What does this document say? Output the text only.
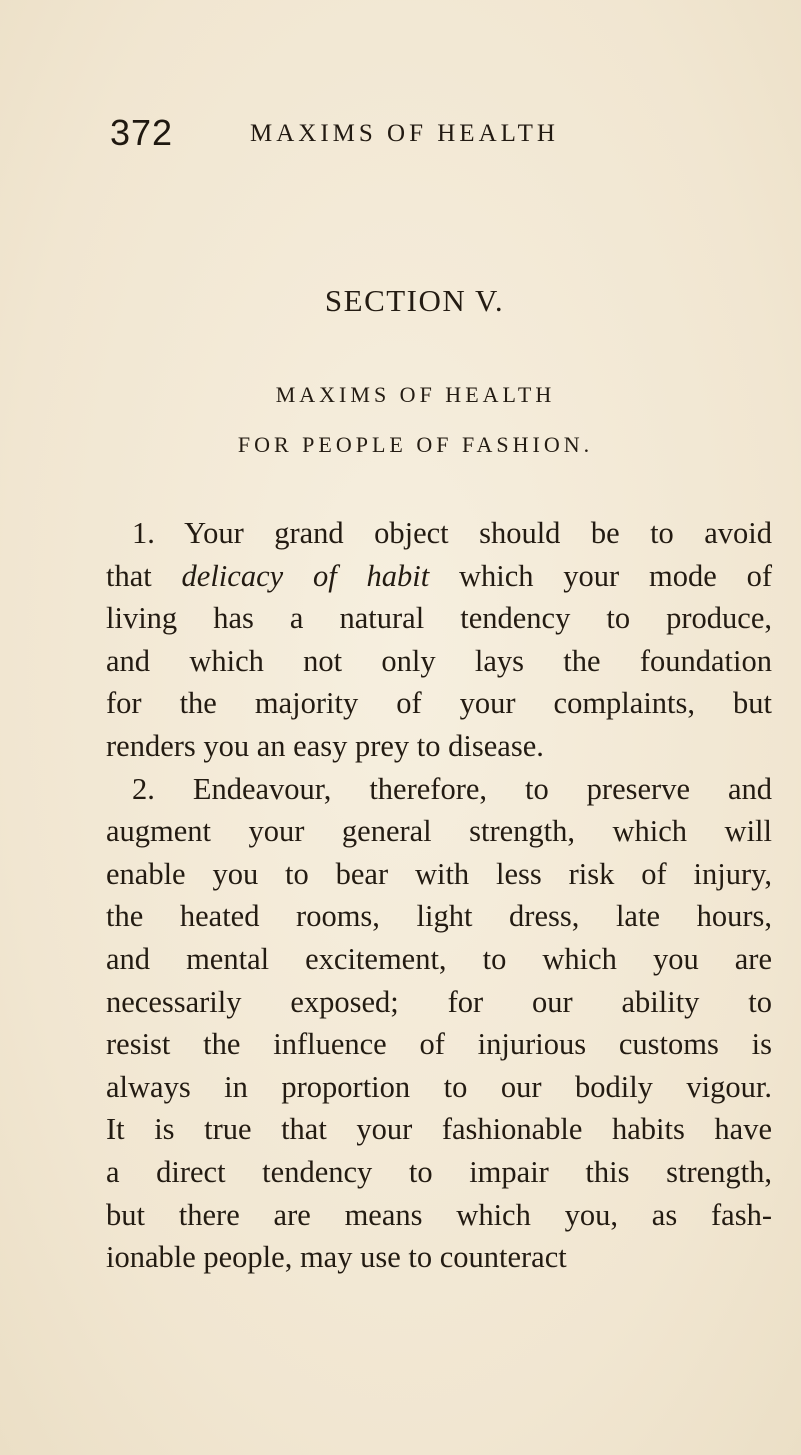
372	MAXIMS OF HEALTH
SECTION V.
MAXIMS OF HEALTH
FOR PEOPLE OF FASHION.
1. Your grand object should be to avoid
that delicacy of habit which your mode of
living has a natural tendency to produce,
and which not only lays the foundation
for the majority of your complaints, but
renders you an easy prey to disease.
2. Endeavour, therefore, to preserve and
augment your general strength, which will
enable you to bear with less risk of injury,
the heated rooms, light dress, late hours,
and mental excitement, to which you are
necessarily exposed; for our ability to
resist the influence of injurious customs is
always in proportion to our bodily vigour.
It is true that your fashionable habits have
a direct tendency to impair this strength,
but there are means which you, as fash-
ionable people, may use to counteract
